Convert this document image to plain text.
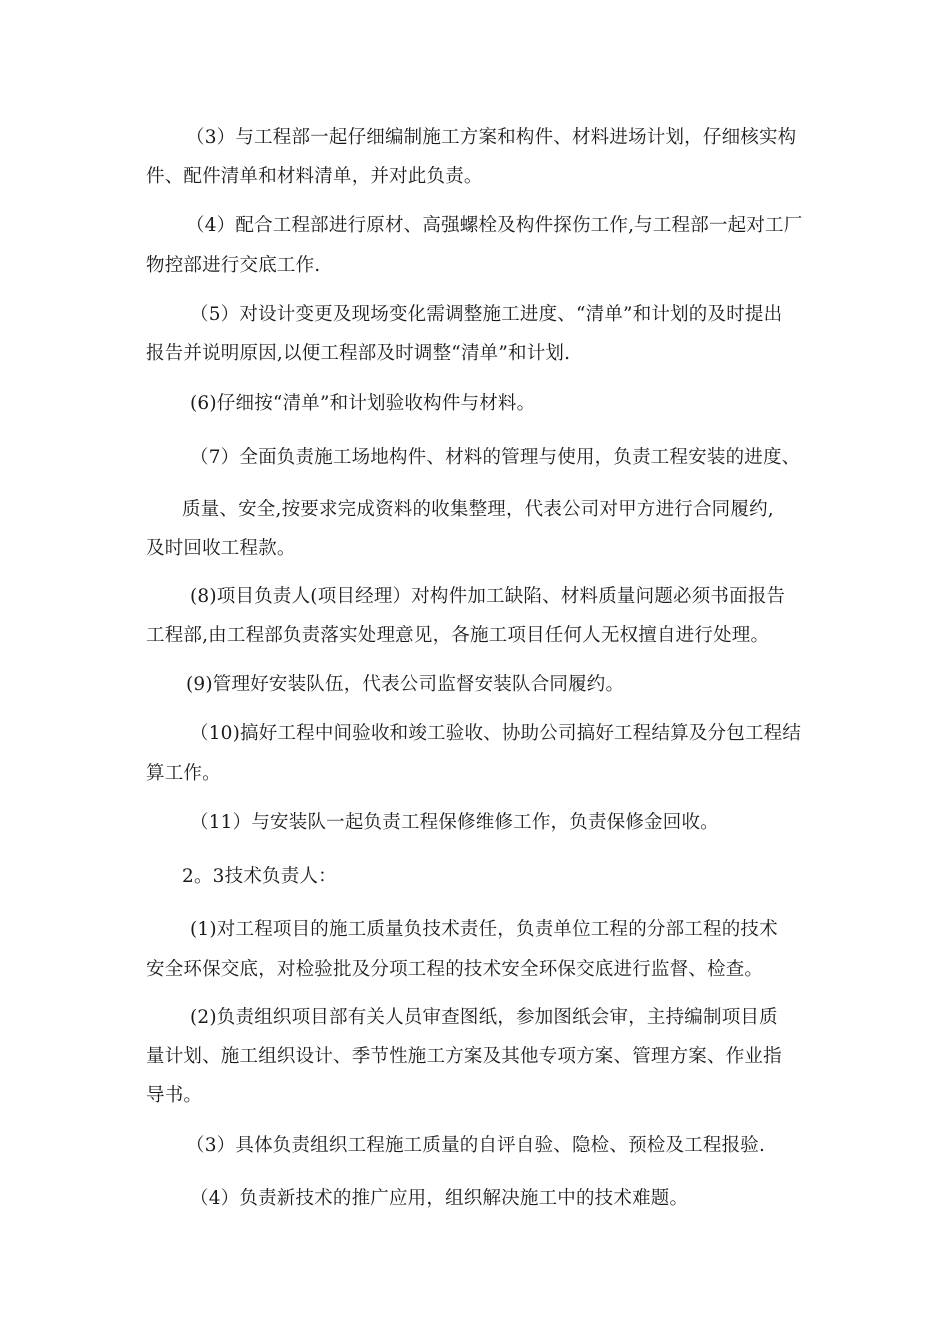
（3）与工程部一起仔细编制施工方案和构件、材料进场计划，仔细核实构
件、配件清单和材料清单，并对此负责。
（4）配合工程部进行原材、高强螺栓及构件探伤工作,与工程部一起对工厂
物控部进行交底工作.
（5）对设计变更及现场变化需调整施工进度、“清单”和计划的及时提出
报告并说明原因,以便工程部及时调整“清单”和计划.
(6)仔细按“清单”和计划验收构件与材料。
（7）全面负责施工场地构件、材料的管理与使用，负责工程安装的进度、
质量、安全,按要求完成资料的收集整理，代表公司对甲方进行合同履约,
及时回收工程款。
(8)项目负责人(项目经理）对构件加工缺陷、材料质量问题必须书面报告
工程部,由工程部负责落实处理意见，各施工项目任何人无权擅自进行处理。
(9)管理好安装队伍，代表公司监督安装队合同履约。
（10)搞好工程中间验收和竣工验收、协助公司搞好工程结算及分包工程结
算工作。
（11）与安装队一起负责工程保修维修工作，负责保修金回收。
2。3技术负责人：
(1)对工程项目的施工质量负技术责任，负责单位工程的分部工程的技术
安全环保交底，对检验批及分项工程的技术安全环保交底进行监督、检查。
(2)负责组织项目部有关人员审查图纸，参加图纸会审，主持编制项目质
量计划、施工组织设计、季节性施工方案及其他专项方案、管理方案、作业指
导书。
（3）具体负责组织工程施工质量的自评自验、隐检、预检及工程报验.
（4）负责新技术的推广应用，组织解决施工中的技术难题。
